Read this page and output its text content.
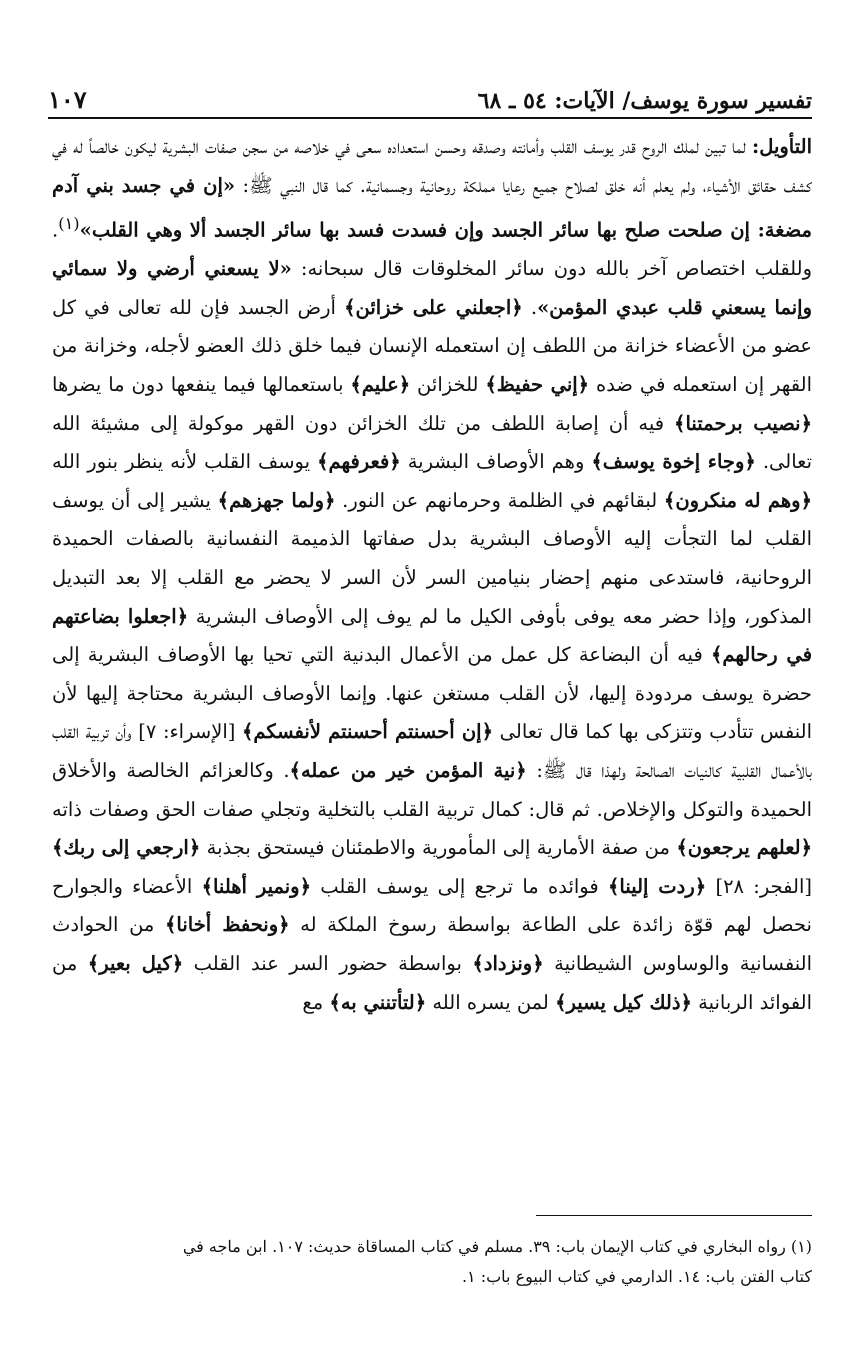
تفسير سورة يوسف/ الآيات: ٥٤ ـ ٦٨
١٠٧

التأويل: لما تبين لملك الروح قدر يوسف القلب وأمانته وصدقه وحسن استعداده سعى في خلاصه من سجن صفات البشرية ليكون خالصاً له في كشف حقائق الأشياء، ولم يعلم أنه خلق لصلاح جميع رعايا مملكة روحانية وجسمانية. كما قال النبي ﷺ: «إن في جسد بني آدم مضغة: إن صلحت صلح بها سائر الجسد وإن فسدت فسد بها سائر الجسد ألا وهي القلب»$^{(١)}$. وللقلب اختصاص آخر بالله دون سائر المخلوقات قال سبحانه: «لا يسعني أرضي ولا سمائي وإنما يسعني قلب عبدي المؤمن». ﴿اجعلني على خزائن﴾ أرض الجسد فإن لله تعالى في كل عضو من الأعضاء خزانة من اللطف إن استعمله الإنسان فيما خلق ذلك العضو لأجله، وخزانة من القهر إن استعمله في ضده ﴿إني حفيظ﴾ للخزائن ﴿عليم﴾ باستعمالها فيما ينفعها دون ما يضرها ﴿نصيب برحمتنا﴾ فيه أن إصابة اللطف من تلك الخزائن دون القهر موكولة إلى مشيئة الله تعالى. ﴿وجاء إخوة يوسف﴾ وهم الأوصاف البشرية ﴿فعرفهم﴾ يوسف القلب لأنه ينظر بنور الله ﴿وهم له منكرون﴾ لبقائهم في الظلمة وحرمانهم عن النور. ﴿ولما جهزهم﴾ يشير إلى أن يوسف القلب لما التجأت إليه الأوصاف البشرية بدل صفاتها الذميمة النفسانية بالصفات الحميدة الروحانية، فاستدعى منهم إحضار بنيامين السر لأن السر لا يحضر مع القلب إلا بعد التبديل المذكور، وإذا حضر معه يوفى بأوفى الكيل ما لم يوف إلى الأوصاف البشرية ﴿اجعلوا بضاعتهم في رحالهم﴾ فيه أن البضاعة كل عمل من الأعمال البدنية التي تحيا بها الأوصاف البشرية إلى حضرة يوسف مردودة إليها، لأن القلب مستغن عنها. وإنما الأوصاف البشرية محتاجة إليها لأن النفس تتأدب وتتزكى بها كما قال تعالى ﴿إن أحسنتم أحسنتم لأنفسكم﴾ [الإسراء: ٧] وأن تربية القلب بالأعمال القلبية كالنيات الصالحة ولهذا قال ﷺ: ﴿نية المؤمن خير من عمله﴾. وكالعزائم الخالصة والأخلاق الحميدة والتوكل والإخلاص. ثم قال: كمال تربية القلب بالتخلية وتجلي صفات الحق وصفات ذاته ﴿لعلهم يرجعون﴾ من صفة الأمارية إلى المأمورية والاطمئنان فيستحق بجذبة ﴿ارجعي إلى ربك﴾ [الفجر: ٢٨] ﴿ردت إلينا﴾ فوائده ما ترجع إلى يوسف القلب ﴿ونمير أهلنا﴾ الأعضاء والجوارح نحصل لهم قوّة زائدة على الطاعة بواسطة رسوخ الملكة له ﴿ونحفظ أخانا﴾ من الحوادث النفسانية والوساوس الشيطانية ﴿ونزداد﴾ بواسطة حضور السر عند القلب ﴿كيل بعير﴾ من الفوائد الربانية ﴿ذلك كيل يسير﴾ لمن يسره الله ﴿لتأتنني به﴾ مع

(١) رواه البخاري في كتاب الإيمان باب: ٣٩. مسلم في كتاب المساقاة حديث: ١٠٧. ابن ماجه في

كتاب الفتن باب: ١٤. الدارمي في كتاب البيوع باب: ١.
